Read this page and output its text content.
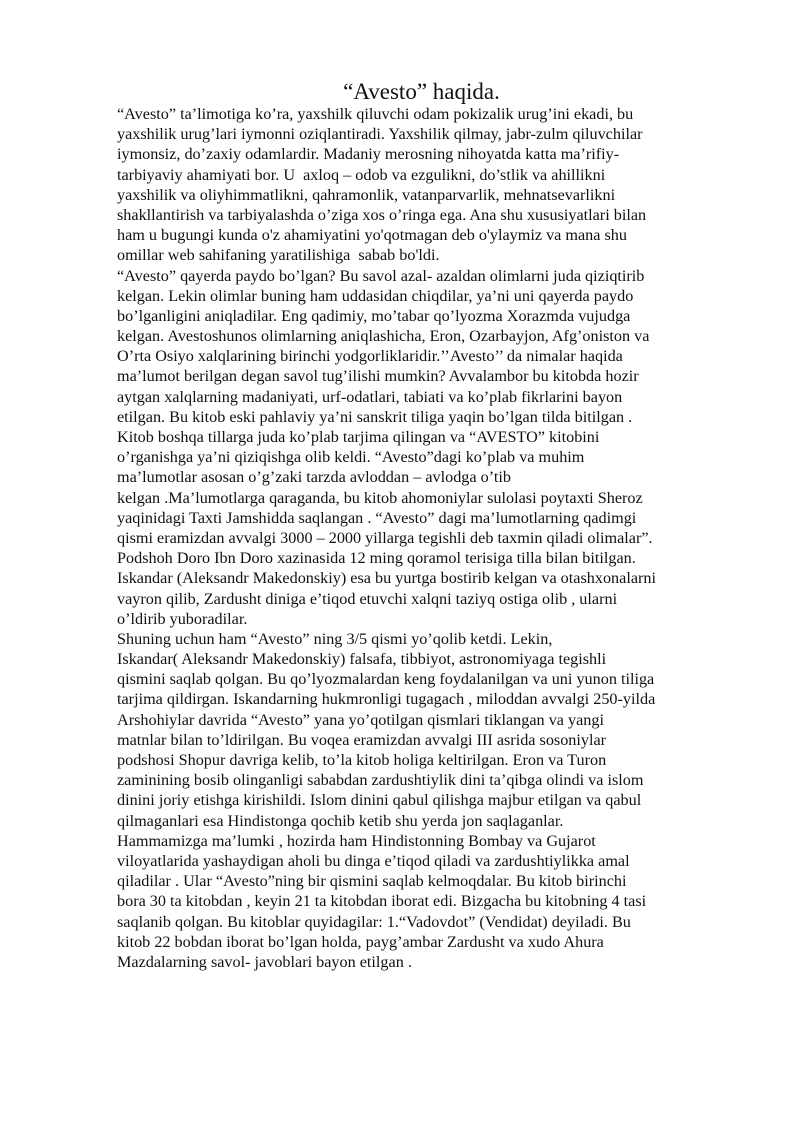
“Avesto” haqida.
“Avesto” ta’limotiga ko’ra, yaxshilk qiluvchi odam pokizalik urug’ini ekadi, bu
yaxshilik urug’lari iymonni oziqlantiradi. Yaxshilik qilmay, jabr-zulm qiluvchilar
iymonsiz, do’zaxiy odamlardir. Madaniy merosning nihoyatda katta ma’rifiy-
tarbiyaviy ahamiyati bor. U  axloq – odob va ezgulikni, do’stlik va ahillikni
yaxshilik va oliyhimmatlikni, qahramonlik, vatanparvarlik, mehnatsevarlikni
shakllantirish va tarbiyalashda o’ziga xos o’ringa ega. Ana shu xususiyatlari bilan
ham u bugungi kunda o'z ahamiyatini yo'qotmagan deb o'ylaymiz va mana shu
omillar web sahifaning yaratilishiga  sabab bo'ldi.
“Avesto” qayerda paydo bo’lgan? Bu savol azal- azaldan olimlarni juda qiziqtirib
kelgan. Lekin olimlar buning ham uddasidan chiqdilar, ya’ni uni qayerda paydo
bo’lganligini aniqladilar. Eng qadimiy, mo’tabar qo’lyozma Xorazmda vujudga
kelgan. Avestoshunos olimlarning aniqlashicha, Eron, Ozarbayjon, Afg’oniston va
O’rta Osiyo xalqlarining birinchi yodgorliklaridir.’’Avesto’’ da nimalar haqida
ma’lumot berilgan degan savol tug’ilishi mumkin? Avvalambor bu kitobda hozir
aytgan xalqlarning madaniyati, urf-odatlari, tabiati va ko’plab fikrlarini bayon
etilgan. Bu kitob eski pahlaviy ya’ni sanskrit tiliga yaqin bo’lgan tilda bitilgan .
Kitob boshqa tillarga juda ko’plab tarjima qilingan va “AVESTO” kitobini
o’rganishga ya’ni qiziqishga olib keldi. “Avesto”dagi ko’plab va muhim
ma’lumotlar asosan o’g’zaki tarzda avloddan – avlodga o’tib
kelgan .Ma’lumotlarga qaraganda, bu kitob ahomoniylar sulolasi poytaxti Sheroz
yaqinidagi Taxti Jamshidda saqlangan . “Avesto” dagi ma’lumotlarning qadimgi
qismi eramizdan avvalgi 3000 – 2000 yillarga tegishli deb taxmin qiladi olimalar”.
Podshoh Doro Ibn Doro xazinasida 12 ming qoramol terisiga tilla bilan bitilgan.
Iskandar (Aleksandr Makedonskiy) esa bu yurtga bostirib kelgan va otashxonalarni
vayron qilib, Zardusht diniga e’tiqod etuvchi xalqni taziyq ostiga olib , ularni
o’ldirib yuboradilar.
Shuning uchun ham “Avesto” ning 3/5 qismi yo’qolib ketdi. Lekin,
Iskandar( Aleksandr Makedonskiy) falsafa, tibbiyot, astronomiyaga tegishli
qismini saqlab qolgan. Bu qo’lyozmalardan keng foydalanilgan va uni yunon tiliga
tarjima qildirgan. Iskandarning hukmronligi tugagach , miloddan avvalgi 250-yilda
Arshohiylar davrida “Avesto” yana yo’qotilgan qismlari tiklangan va yangi
matnlar bilan to’ldirilgan. Bu voqea eramizdan avvalgi III asrida sosoniylar
podshosi Shopur davriga kelib, to’la kitob holiga keltirilgan. Eron va Turon
zaminining bosib olinganligi sababdan zardushtiylik dini ta’qibga olindi va islom
dinini joriy etishga kirishildi. Islom dinini qabul qilishga majbur etilgan va qabul
qilmaganlari esa Hindistonga qochib ketib shu yerda jon saqlaganlar.
Hammamizga ma’lumki , hozirda ham Hindistonning Bombay va Gujarot
viloyatlarida yashaydigan aholi bu dinga e’tiqod qiladi va zardushtiylikka amal
qiladilar . Ular “Avesto”ning bir qismini saqlab kelmoqdalar. Bu kitob birinchi
bora 30 ta kitobdan , keyin 21 ta kitobdan iborat edi. Bizgacha bu kitobning 4 tasi
saqlanib qolgan. Bu kitoblar quyidagilar: 1.“Vadovdot” (Vendidat) deyiladi. Bu
kitob 22 bobdan iborat bo’lgan holda, payg’ambar Zardusht va xudo Ahura
Mazdalarning savol- javoblari bayon etilgan .
